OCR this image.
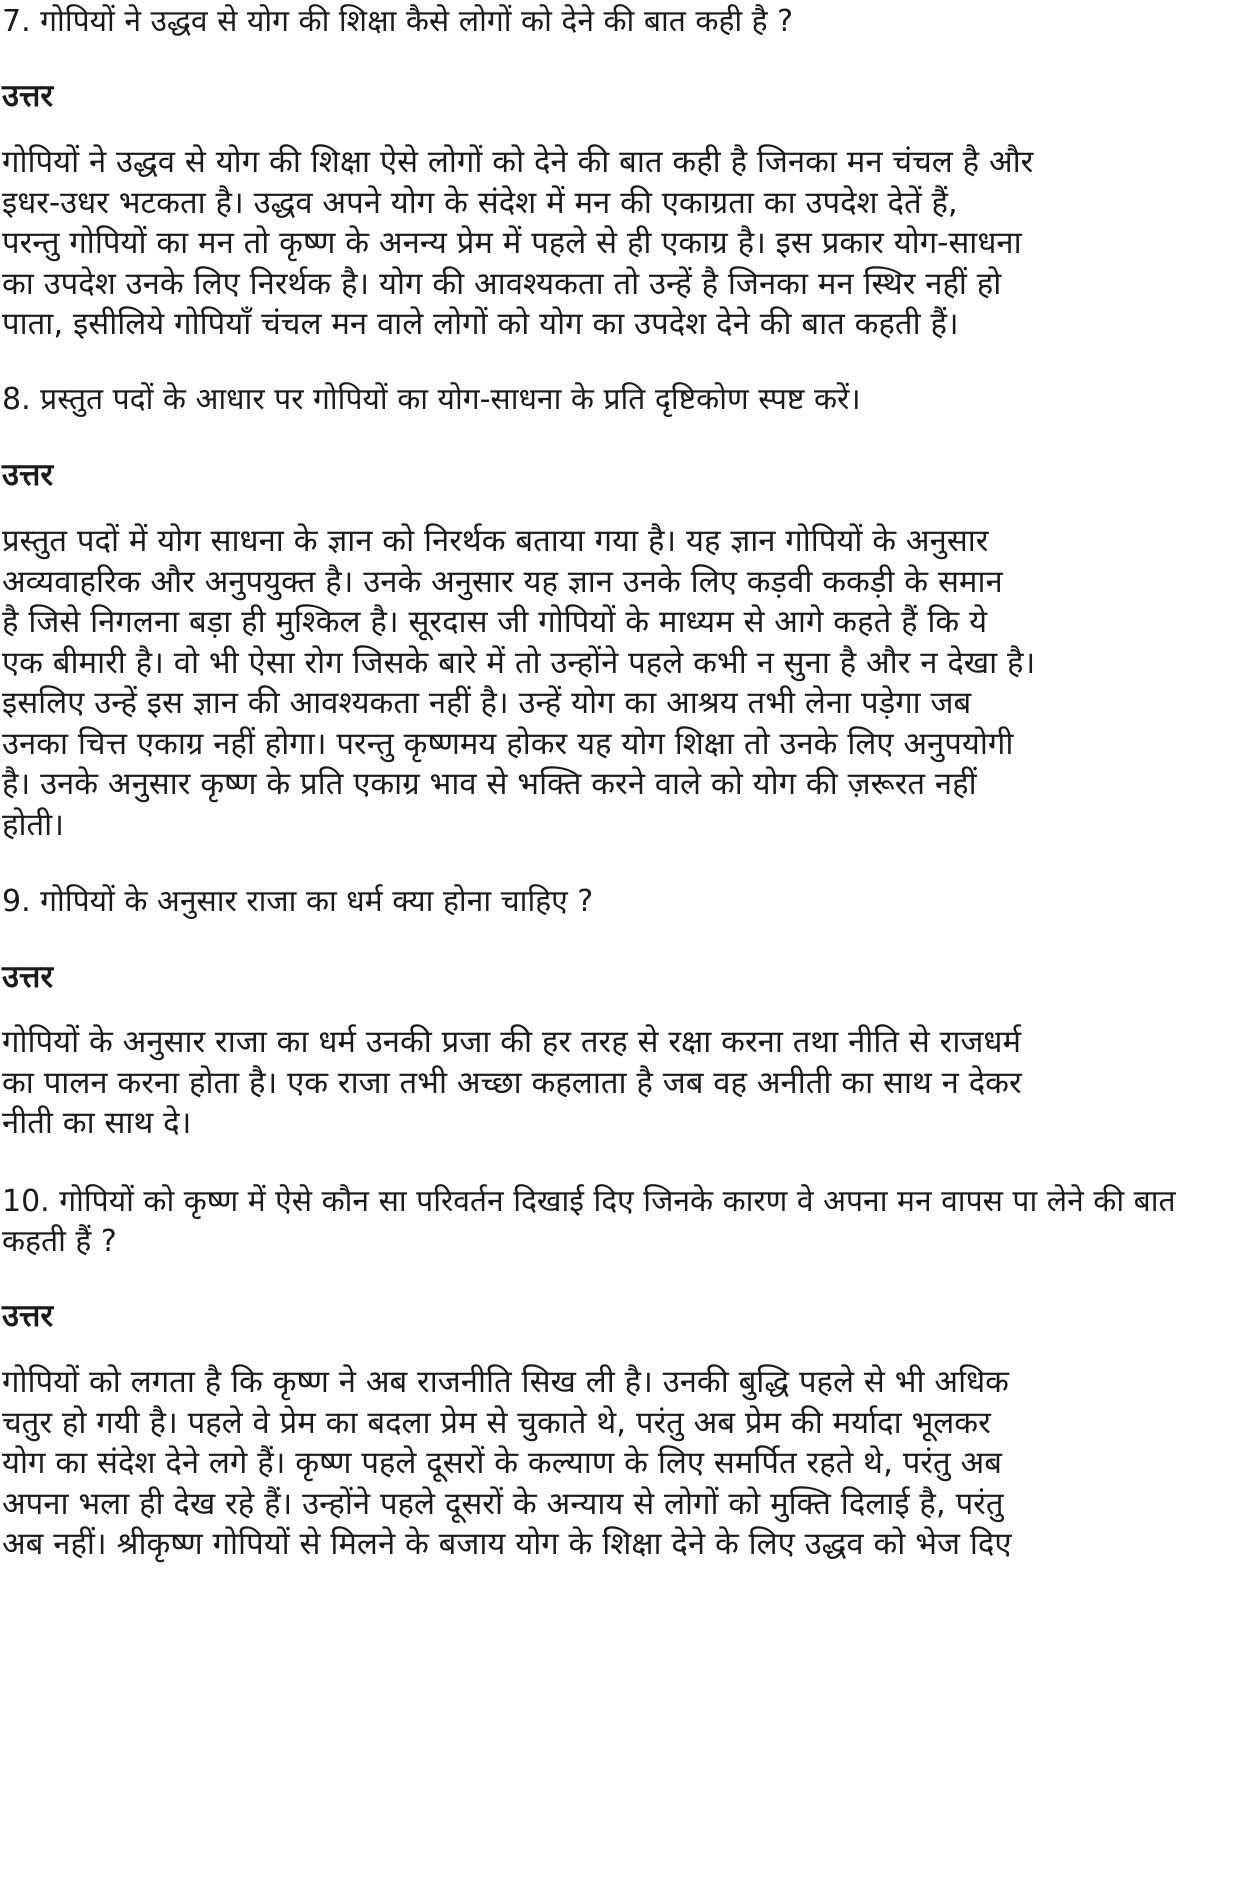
7. गोपियों ने उद्धव से योग की शिक्षा कैसे लोगों को देने की बात कही है ?
उत्तर
गोपियों ने उद्धव से योग की शिक्षा ऐसे लोगों को देने की बात कही है जिनका मन चंचल है और
इधर-उधर भटकता है। उद्धव अपने योग के संदेश में मन की एकाग्रता का उपदेश देतें हैं,
परन्तु गोपियों का मन तो कृष्ण के अनन्य प्रेम में पहले से ही एकाग्र है। इस प्रकार योग-साधना
का उपदेश उनके लिए निरर्थक है। योग की आवश्यकता तो उन्हें है जिनका मन स्थिर नहीं हो
पाता, इसीलिये गोपियाँ चंचल मन वाले लोगों को योग का उपदेश देने की बात कहती हैं।
8. प्रस्तुत पदों के आधार पर गोपियों का योग-साधना के प्रति दृष्टिकोण स्पष्ट करें।
उत्तर
प्रस्तुत पदों में योग साधना के ज्ञान को निरर्थक बताया गया है। यह ज्ञान गोपियों के अनुसार
अव्यवाहरिक और अनुपयुक्त है। उनके अनुसार यह ज्ञान उनके लिए कड़वी ककड़ी के समान
है जिसे निगलना बड़ा ही मुश्किल है। सूरदास जी गोपियों के माध्यम से आगे कहते हैं कि ये
एक बीमारी है। वो भी ऐसा रोग जिसके बारे में तो उन्होंने पहले कभी न सुना है और न देखा है।
इसलिए उन्हें इस ज्ञान की आवश्यकता नहीं है। उन्हें योग का आश्रय तभी लेना पड़ेगा जब
उनका चित्त एकाग्र नहीं होगा। परन्तु कृष्णमय होकर यह योग शिक्षा तो उनके लिए अनुपयोगी
है। उनके अनुसार कृष्ण के प्रति एकाग्र भाव से भक्ति करने वाले को योग की ज़रूरत नहीं
होती।
9. गोपियों के अनुसार राजा का धर्म क्या होना चाहिए ?
उत्तर
गोपियों के अनुसार राजा का धर्म उनकी प्रजा की हर तरह से रक्षा करना तथा नीति से राजधर्म
का पालन करना होता है। एक राजा तभी अच्छा कहलाता है जब वह अनीती का साथ न देकर
नीती का साथ दे।
10. गोपियों को कृष्ण में ऐसे कौन सा परिवर्तन दिखाई दिए जिनके कारण वे अपना मन वापस पा लेने की बात कहती हैं ?
उत्तर
गोपियों को लगता है कि कृष्ण ने अब राजनीति सिख ली है। उनकी बुद्धि पहले से भी अधिक
चतुर हो गयी है। पहले वे प्रेम का बदला प्रेम से चुकाते थे, परंतु अब प्रेम की मर्यादा भूलकर
योग का संदेश देने लगे हैं। कृष्ण पहले दूसरों के कल्याण के लिए समर्पित रहते थे, परंतु अब
अपना भला ही देख रहे हैं। उन्होंने पहले दूसरों के अन्याय से लोगों को मुक्ति दिलाई है, परंतु
अब नहीं। श्रीकृष्ण गोपियों से मिलने के बजाय योग के शिक्षा देने के लिए उद्धव को भेज दिए
